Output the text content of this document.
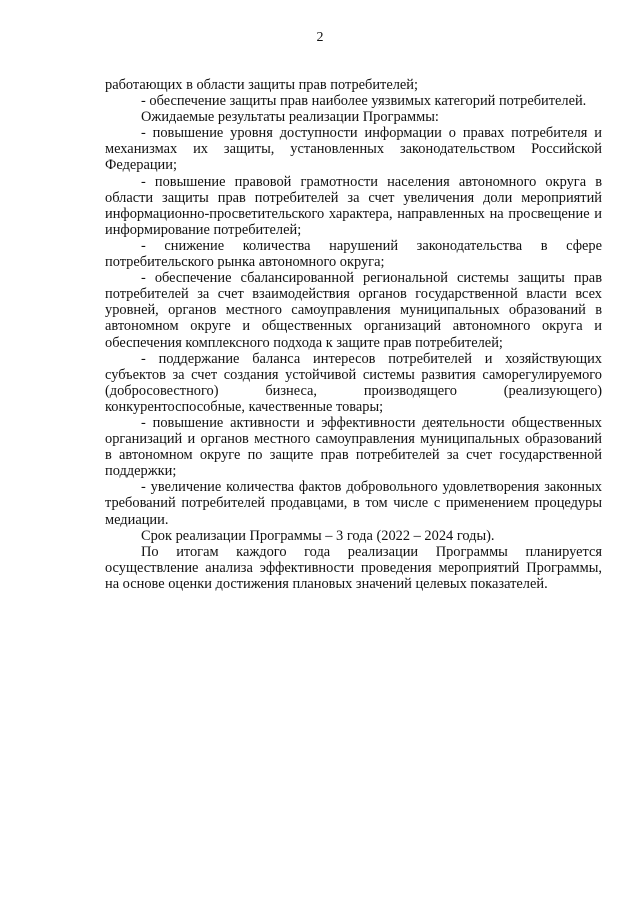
2

работающих в области защиты прав потребителей;

- обеспечение защиты прав наиболее уязвимых категорий потребителей.

Ожидаемые результаты реализации Программы:

- повышение уровня доступности информации о правах потребителя и механизмах их защиты, установленных законодательством Российской Федерации;

- повышение правовой грамотности населения автономного округа в области защиты прав потребителей за счет увеличения доли мероприятий информационно-просветительского характера, направленных на просвещение и информирование потребителей;

- снижение количества нарушений законодательства в сфере потребительского рынка автономного округа;

- обеспечение сбалансированной региональной системы защиты прав потребителей за счет взаимодействия органов государственной власти всех уровней, органов местного самоуправления муниципальных образований в автономном округе и общественных организаций автономного округа и обеспечения комплексного подхода к защите прав потребителей;

- поддержание баланса интересов потребителей и хозяйствующих субъектов за счет создания устойчивой системы развития саморегулируемого (добросовестного) бизнеса, производящего (реализующего) конкурентоспособные, качественные товары;

- повышение активности и эффективности деятельности общественных организаций и органов местного самоуправления муниципальных образований в автономном округе по защите прав потребителей за счет государственной поддержки;

- увеличение количества фактов добровольного удовлетворения законных требований потребителей продавцами, в том числе с применением процедуры медиации.

Срок реализации Программы – 3 года (2022 – 2024 годы).

По итогам каждого года реализации Программы планируется осуществление анализа эффективности проведения мероприятий Программы, на основе оценки достижения плановых значений целевых показателей.
